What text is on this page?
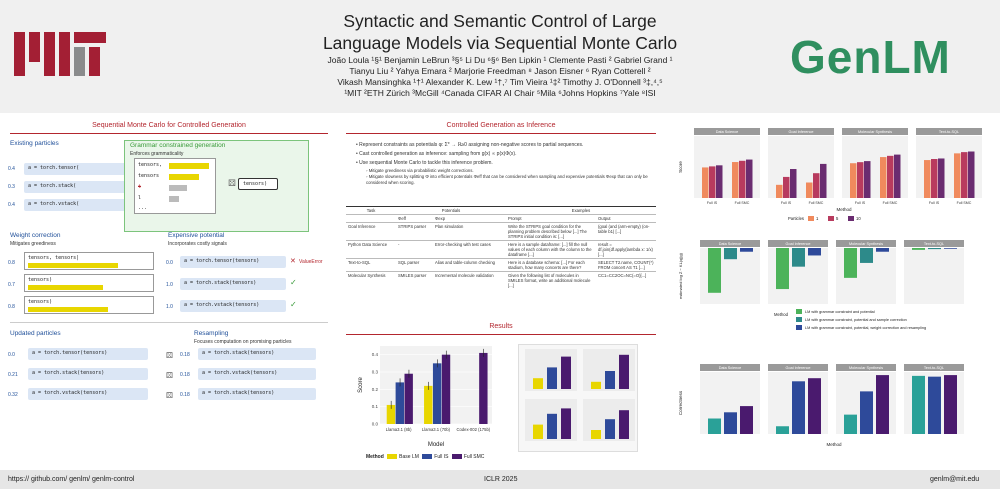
GenLM
Syntactic and Semantic Control of Large
Language Models via Sequential Monte Carlo
João Loula ¹§¹ Benjamin LeBrun ³§⁵ Li Du ⁶§⁶ Ben Lipkin ¹ Clemente Pasti ² Gabriel Grand ¹
Tianyu Liu ² Yahya Emara ² Marjorie Freedman ⁸ Jason Eisner ⁶ Ryan Cotterell ²
Vikash Mansinghka ¹†¹ Alexander K. Lew ¹†,⁷ Tim Vieira ¹‡² Timothy J. O'Donnell ³‡,⁴,⁵
¹MIT ²ETH Zürich ³McGill ⁴Canada CIFAR AI Chair ⁵Mila ⁶Johns Hopkins ⁷Yale ⁸ISI
Sequential Monte Carlo for Controlled Generation
Existing particles
0.4	a = torch.tensor(
0.3	a = torch.stack(
0.4	a = torch.vstack(
Grammar constrained generation
Enforces grammaticality
tensors,
tensors
t
l
...
⚄	tensors)
Weight correction
Mitigates greediness
0.8
tensors, tensors|
0.7
tensors)
0.8
tensors)
Expensive potential
Incorporates costly signals
0.0	a = torch.tensor(tensors)	✕ ValueError
1.0	a = torch.stack(tensors)	✓
1.0	a = torch.vstack(tensors)	✓
Updated particles
0.0	a = torch.tensor(tensors)
0.21	a = torch.stack(tensors)
0.32	a = torch.vstack(tensors)
Resampling
Focuses computation on promising particles
⚄ 0.18	a = torch.stack(tensors)
⚄ 0.18	a = torch.vstack(tensors)
⚄ 0.18	a = torch.stack(tensors)
Controlled Generation as Inference
• Represent constraints as potentials φ: Σ* → ℝ≥0 assigning non-negative scores to partial sequences.
• Cast controlled generation as inference: sampling from g(x) ∝ p(x)Φ(x).
• Use sequential Monte Carlo to tackle this inference problem.
◦ Mitigate greediness via probabilistic weight corrections.
◦ Mitigate slowness by splitting Φ into efficient potentials Φeff that can be considered when sampling and expensive potentials Φexp that can only be considered when scoring.
Task	Potentials		Examples	
	Φeff	Φexp	Prompt	Output
Goal Inference	STRIPS parser	Plan simulation	Write the STRIPS goal condition for the planning problem described below [...] The STRIPS initial condition is: [...]	(goal (and (arm-empty) (on-table b1) [...]
Python Data Science	-	Error-checking with test cases	Here is a sample dataframe: [...] fill the null values of each column with the column to the dataframe [...]	result = df.join(df.apply(lambda x: 1/x) [...]
Text-to-SQL	SQL parser	Alias and table-column checking	Here is a database schema: [...] For each stadium, how many concerts are there?	SELECT T2.name, COUNT(*) FROM concert AS T1 [...]
Molecular Synthesis	SMILES parser	Incremental molecule validation	Given the following list of molecules in SMILES format, write an additional molecule [...]	CC1=CC2OC=NC(=O)[...]
Results
0.0
0.1
0.2
0.3
0.4
Llama3.1 (8b) Llama3.1 (70b) Codex-002 (175b)
Model
Score
Method	Base LM	Full IS	Full SMC
Data Science
Full IS	Full SMC
Goal Inference
Full IS	Full SMC
Molecular Synthesis
Full IS	Full SMC
Text-to-SQL
Full IS	Full SMC
Score
Method
Particles	1	5	10
Data Science	Goal Inference	Molecular Synthesis	Text-to-SQL
estimated log Z − KL(q||g)
Method	LM with grammar constraint and potential
LM with grammar constraint, potential and sample correction
LM with grammar constraint, potential, weight correction and resampling
Data Science	Goal Inference	Molecular Synthesis	Text-to-SQL
Correctness
Method
https:// github.com/ genlm/ genlm-control	ICLR 2025	genlm@mit.edu
